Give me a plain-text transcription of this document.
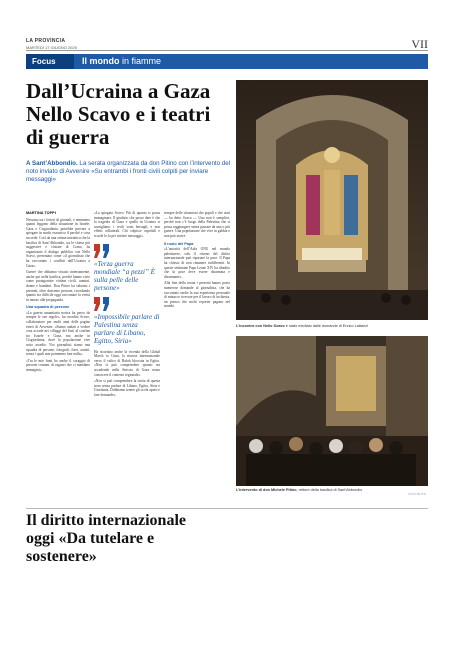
LA PROVINCIA
MARTEDÌ 17 GIUGNO 2025	VII
Focus	Il mondo in fiamme
Dall’Ucraina a Gaza Nello Scavo e i teatri di guerra
A Sant’Abbondio. La serata organizzata da don Pitino con l’intervento del noto inviato di Avvenire «Su entrambi i fronti civili colpiti per inviare messaggi»
MARTINA TOPPI

Nessuno tra i lettori di giornali, e nemmeno quanti leggono della situazione in Israele, Gaza e Cisgiordania, potrebbe provare a spiegare in modo esaustivo il perché e cosa succede. Così da una ottima iniziativa che la basilica di Sant’Abbondio, tra le chiese più suggestive e visitate di Como, ha organizzato il dialogo pubblico con Nello Scavo, presentato come «il giornalista che ha raccontato i conflitti dall’Ucraina a Gaza».

Guerre che abbiamo vissuto intensamente, anche qui nella basilica, perché hanno visto come protagoniste vittime civili, uomini, donne e bambini. Don Pitino ha salutato i presenti, oltre duecento persone, ricordando quanto sia difficile oggi raccontare la verità in mezzo alla propaganda.

Una squadra di persone

«La guerra umanitaria nostra ha perso da sempre le sue regole», ha esordito Scavo, collaboratore per molti anni delle pagine esteri di Avvenire. «Siamo andati a vedere cosa accade nei villaggi del Sud, al confine tra Israele e Gaza, ma anche in Cisgiordania, dove la popolazione vive sotto assedio. Noi giornalisti siamo una squadra di persone, fotografi, fixer, autisti, senza i quali non potremmo fare nulla».

«Tra le mie fonti ho anche il coraggio di persone comuni, di ragazzi che ci mandano immagini».

«La spiegato Scavo: Più di quanto si possa immaginare. Il giudizio che posso dare è che la tragedia di Gaza e quella in Ucraina si somigliano: i civili sono bersagli, e non effetti collaterali. Chi colpisce ospedali e scuole lo fa per inviare messaggi».

«Terza guerra mondiale “a pezzi” È sulla pelle delle persone»
«Impossibile parlare di Palestina senza parlare di Libano, Egitto, Siria»

Ha ricordato anche la vicenda della Global March to Gaza, la marcia internazionale verso il valico di Rafah bloccata in Egitto. «Non si può comprendere quanto sta accadendo nella Striscia di Gaza senza conoscere il contesto regionale».

«Non si può comprendere la storia di questa terra senza parlare di Libano, Egitto, Siria e Giordania. Dobbiamo tenere gli occhi aperti e fare domande».

sempre delle situazioni che popoli e che stati — ha detto Scavo — Uno non è semplice, perché non c’è luogo della Palestina che si possa raggiungere senza passare da una o più guerre. Una popolazione che vive in gabbia e non può uscire.

Il ruolo del Papa

«L’autorità dell’Aula ONU nel mondo palestinese, solo il ritorno del diritto internazionale può riportare la pace. Il Papa ha chiesto di non rimanere indifferenti. In queste settimane Papa Leone XIV ha ribadito che la pace deve essere disarmata e disarmante».

Alla fine della serata i presenti hanno posto numerose domande al giornalista, che ha raccontato anche la sua esperienza personale di minacce ricevute per il lavoro di inchiesta, un prezzo che molti reporter pagano nel mondo.

L’incontro con Nello Scavo è stato mediato dalle domande di Enrico Lattanzi
L’intervento di don Michele Pitino, rettore della basilica di Sant’Abbondio
FOTO BUTTI
Il diritto internazionale oggi «Da tutelare e sostenere»
